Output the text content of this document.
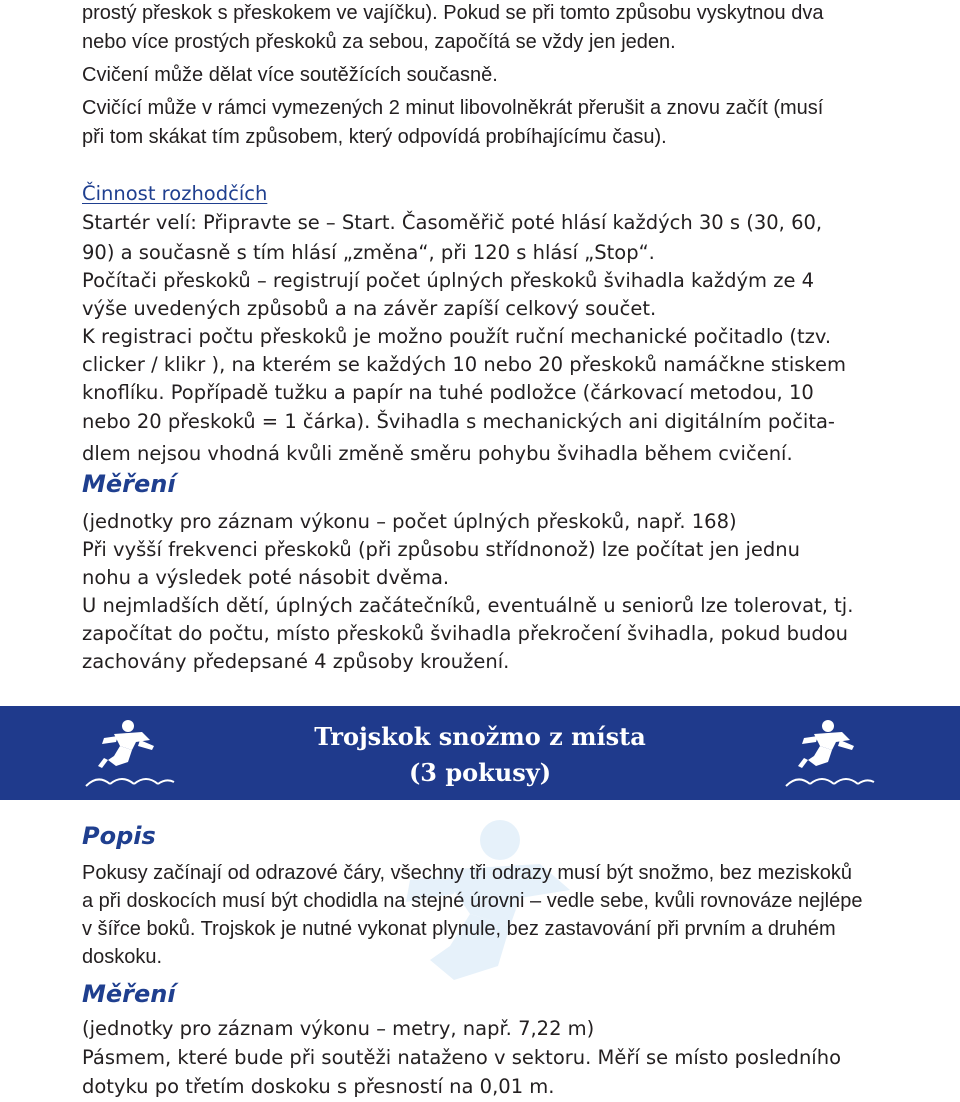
prostý přeskok s přeskokem ve vajíčku). Pokud se při tomto způsobu vyskytnou dva
nebo více prostých přeskoků za sebou, započítá se vždy jen jeden.
Cvičení může dělat více soutěžících současně.
Cvičící může v rámci vymezených 2 minut libovolněkrát přerušit a znovu začít (musí
při tom skákat tím způsobem, který odpovídá probíhajícímu času).
Činnost rozhodčích
Startér velí: Připravte se – Start. Časoměřič poté hlásí každých 30 s (30, 60,
90) a současně s tím hlásí „změna“, při 120 s hlásí „Stop“.
Počítači přeskoků – registrují počet úplných přeskoků švihadla každým ze 4
výše uvedených způsobů a na závěr zapíší celkový součet.
K registraci počtu přeskoků je možno použít ruční mechanické počitadlo (tzv.
clicker / klikr ), na kterém se každých 10 nebo 20 přeskoků namáčkne stiskem
knoflíku. Popřípadě tužku a papír na tuhé podložce (čárkovací metodou, 10
nebo 20 přeskoků = 1 čárka). Švihadla s mechanických ani digitálním počita-
dlem nejsou vhodná kvůli změně směru pohybu švihadla během cvičení.
Měření
(jednotky pro záznam výkonu – počet úplných přeskoků, např. 168)
Při vyšší frekvenci přeskoků (při způsobu střídnonož) lze počítat jen jednu
nohu a výsledek poté násobit dvěma.
U nejmladších dětí, úplných začátečníků, eventuálně u seniorů lze tolerovat, tj.
započítat do počtu, místo přeskoků švihadla překročení švihadla, pokud budou
zachovány předepsané 4 způsoby kroužení.
Trojskok snožmo z místa
(3 pokusy)
Popis
Pokusy začínají od odrazové čáry, všechny tři odrazy musí být snožmo, bez meziskoků
a při doskocích musí být chodidla na stejné úrovni – vedle sebe, kvůli rovnováze nejlépe
v šířce boků. Trojskok je nutné vykonat plynule, bez zastavování při prvním a druhém
doskoku.
Měření
(jednotky pro záznam výkonu – metry, např. 7,22 m)
Pásmem, které bude při soutěži nataženo v sektoru. Měří se místo posledního
dotyku po třetím doskoku s přesností na 0,01 m.
